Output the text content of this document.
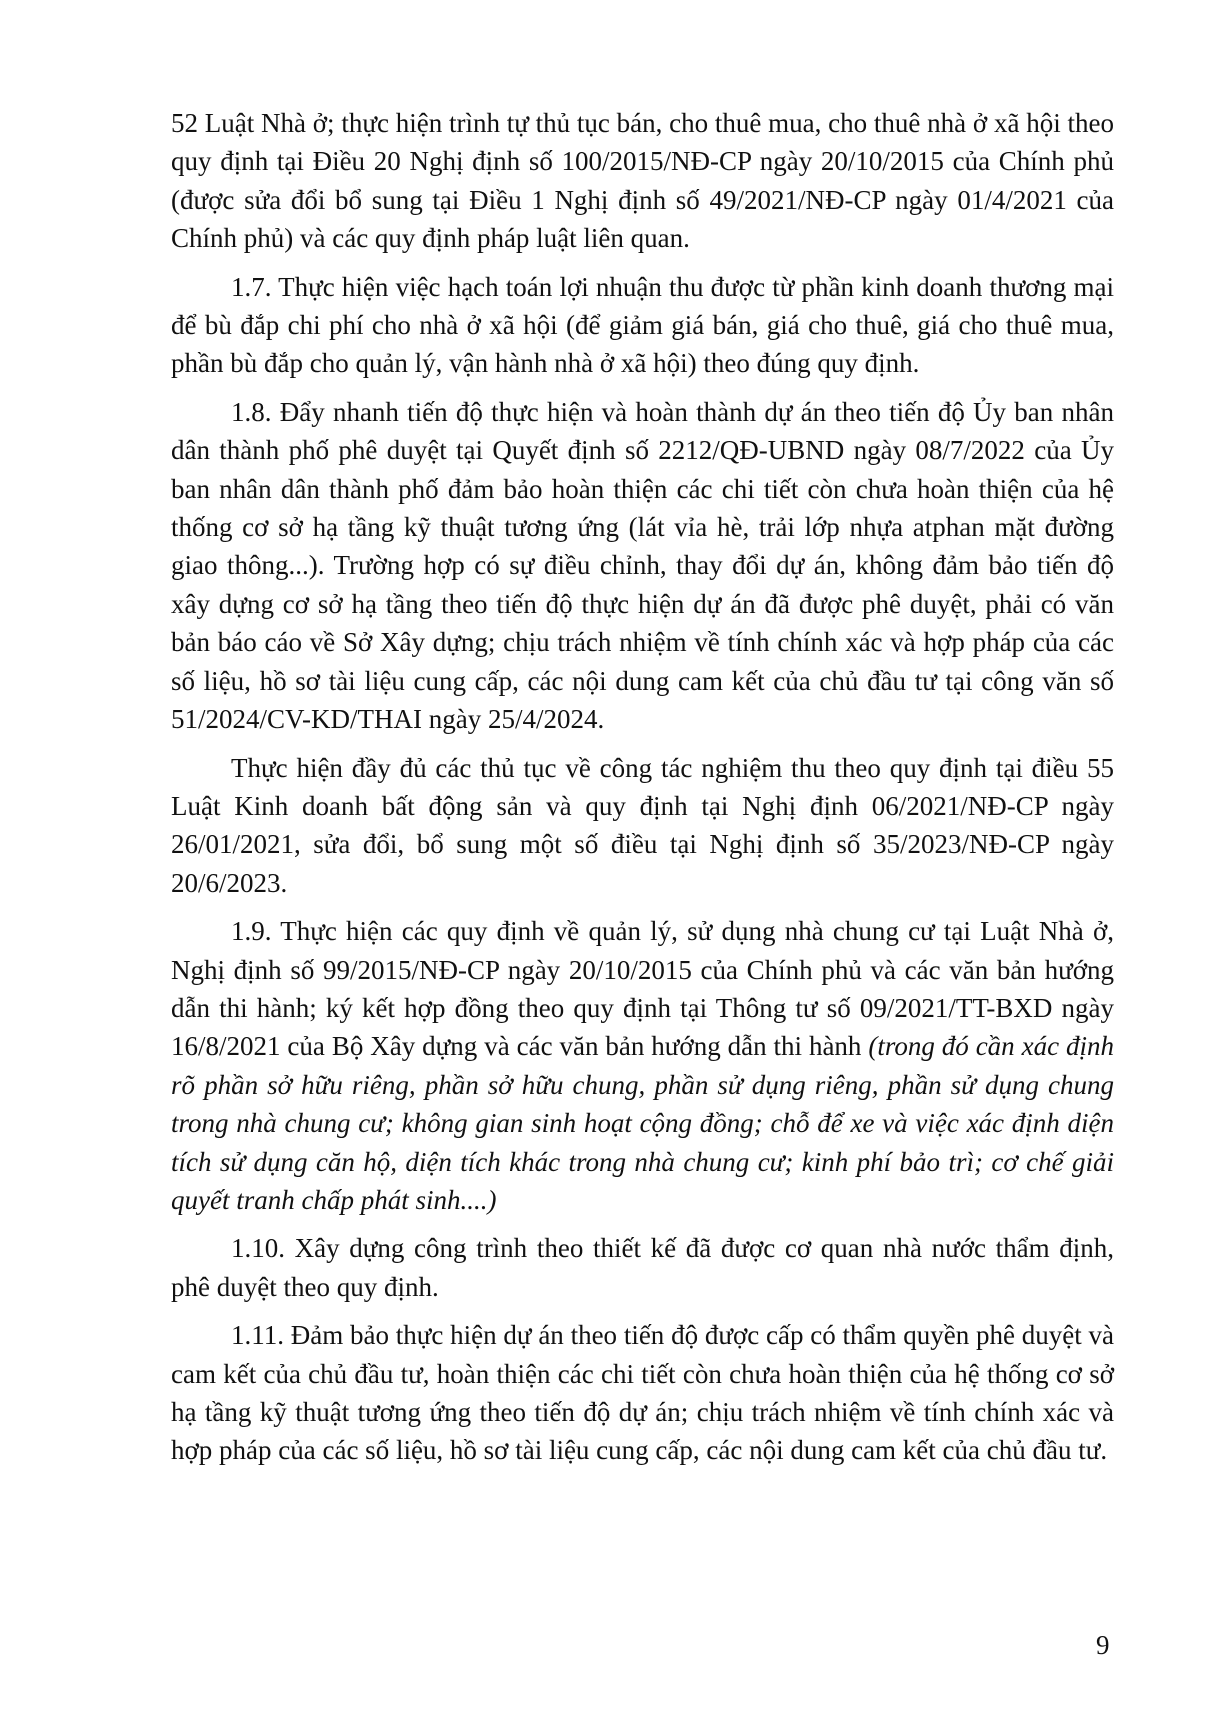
52 Luật Nhà ở; thực hiện trình tự thủ tục bán, cho thuê mua, cho thuê nhà ở xã hội theo quy định tại Điều 20 Nghị định số 100/2015/NĐ-CP ngày 20/10/2015 của Chính phủ (được sửa đổi bổ sung tại Điều 1 Nghị định số 49/2021/NĐ-CP ngày 01/4/2021 của Chính phủ) và các quy định pháp luật liên quan.

1.7. Thực hiện việc hạch toán lợi nhuận thu được từ phần kinh doanh thương mại để bù đắp chi phí cho nhà ở xã hội (để giảm giá bán, giá cho thuê, giá cho thuê mua, phần bù đắp cho quản lý, vận hành nhà ở xã hội) theo đúng quy định.

1.8. Đẩy nhanh tiến độ thực hiện và hoàn thành dự án theo tiến độ Ủy ban nhân dân thành phố phê duyệt tại Quyết định số 2212/QĐ-UBND ngày 08/7/2022 của Ủy ban nhân dân thành phố đảm bảo hoàn thiện các chi tiết còn chưa hoàn thiện của hệ thống cơ sở hạ tầng kỹ thuật tương ứng (lát vỉa hè, trải lớp nhựa atphan mặt đường giao thông...). Trường hợp có sự điều chỉnh, thay đổi dự án, không đảm bảo tiến độ xây dựng cơ sở hạ tầng theo tiến độ thực hiện dự án đã được phê duyệt, phải có văn bản báo cáo về Sở Xây dựng; chịu trách nhiệm về tính chính xác và hợp pháp của các số liệu, hồ sơ tài liệu cung cấp, các nội dung cam kết của chủ đầu tư tại công văn số 51/2024/CV-KD/THAI ngày 25/4/2024.

Thực hiện đầy đủ các thủ tục về công tác nghiệm thu theo quy định tại điều 55 Luật Kinh doanh bất động sản và quy định tại Nghị định 06/2021/NĐ-CP ngày 26/01/2021, sửa đổi, bổ sung một số điều tại Nghị định số 35/2023/NĐ-CP ngày 20/6/2023.

1.9. Thực hiện các quy định về quản lý, sử dụng nhà chung cư tại Luật Nhà ở, Nghị định số 99/2015/NĐ-CP ngày 20/10/2015 của Chính phủ và các văn bản hướng dẫn thi hành; ký kết hợp đồng theo quy định tại Thông tư số 09/2021/TT-BXD ngày 16/8/2021 của Bộ Xây dựng và các văn bản hướng dẫn thi hành (trong đó cần xác định rõ phần sở hữu riêng, phần sở hữu chung, phần sử dụng riêng, phần sử dụng chung trong nhà chung cư; không gian sinh hoạt cộng đồng; chỗ để xe và việc xác định diện tích sử dụng căn hộ, diện tích khác trong nhà chung cư; kinh phí bảo trì; cơ chế giải quyết tranh chấp phát sinh....)

1.10. Xây dựng công trình theo thiết kế đã được cơ quan nhà nước thẩm định, phê duyệt theo quy định.

1.11. Đảm bảo thực hiện dự án theo tiến độ được cấp có thẩm quyền phê duyệt và cam kết của chủ đầu tư, hoàn thiện các chi tiết còn chưa hoàn thiện của hệ thống cơ sở hạ tầng kỹ thuật tương ứng theo tiến độ dự án; chịu trách nhiệm về tính chính xác và hợp pháp của các số liệu, hồ sơ tài liệu cung cấp, các nội dung cam kết của chủ đầu tư.

9
